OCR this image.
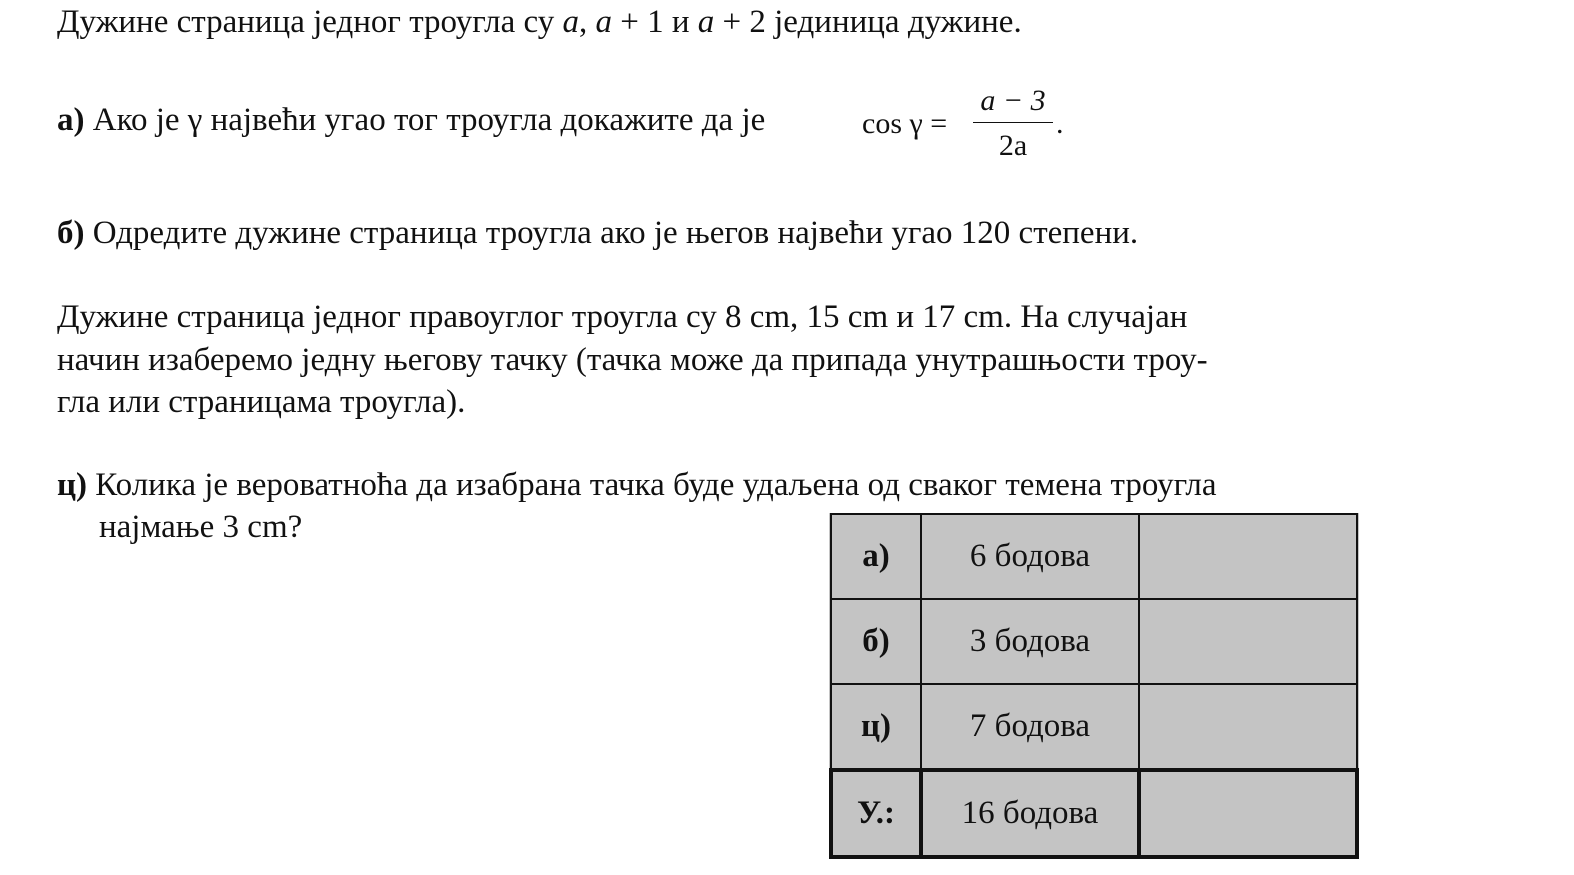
Дужине страница једног троугла су a, a + 1 и a + 2 јединица дужине.
а) Ако је γ највећи угао тог троугла докажите да је	$\cos \gamma = \frac{a - 3}{2a}$ .
б) Одредите дужине страница троугла ако је његов највећи угао 120 степени.
Дужине страница једног правоуглог троугла су 8 cm, 15 cm и 17 cm. На случајан
начин изаберемо једну његову тачку (тачка може да припада унутрашњости троу-
гла или страницама троугла).
ц) Колика је вероватноћа да изабрана тачка буде удаљена од сваког темена троугла
најмање 3 cm?
а)	6 бодова	
б)	3 бодова	
ц)	7 бодова	
У.:	16 бодова	
